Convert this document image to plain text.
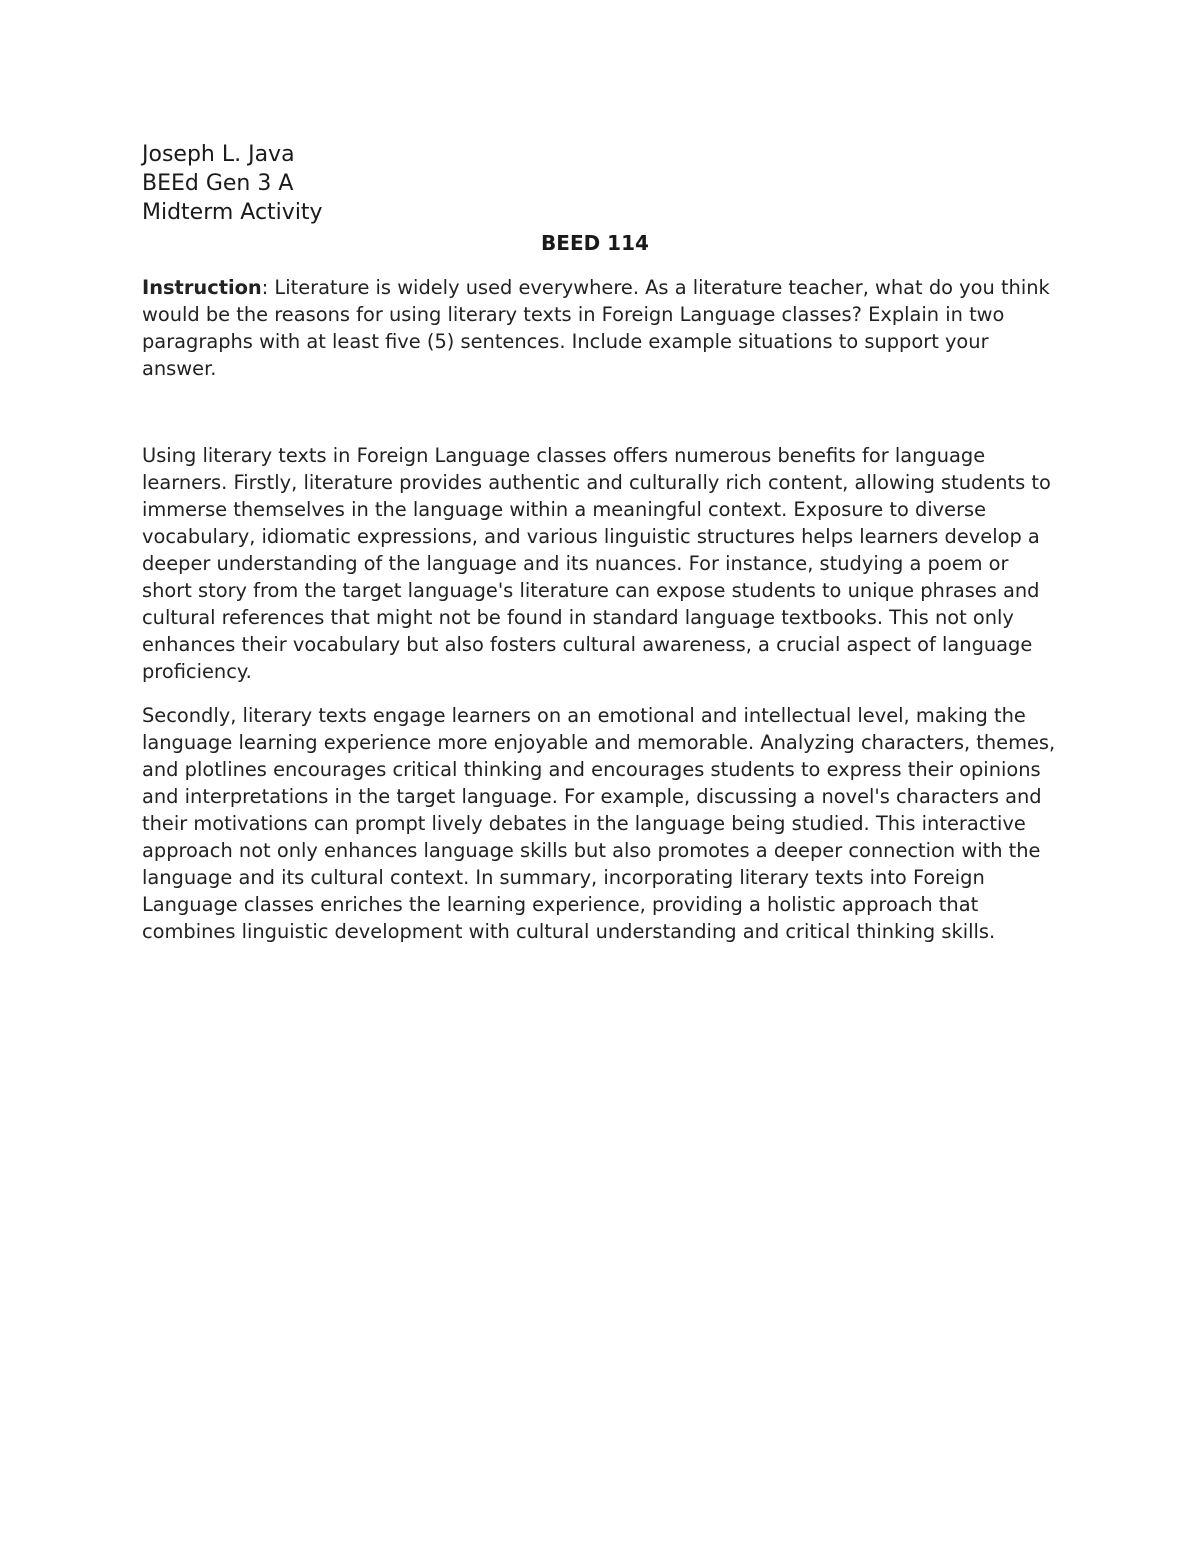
Joseph L. Java
BEEd Gen 3 A
Midterm Activity
BEED 114
Instruction: Literature is widely used everywhere. As a literature teacher, what do you think would be the reasons for using literary texts in Foreign Language classes? Explain in two paragraphs with at least five (5) sentences. Include example situations to support your answer.

Using literary texts in Foreign Language classes offers numerous benefits for language learners. Firstly, literature provides authentic and culturally rich content, allowing students to immerse themselves in the language within a meaningful context. Exposure to diverse vocabulary, idiomatic expressions, and various linguistic structures helps learners develop a deeper understanding of the language and its nuances. For instance, studying a poem or short story from the target language's literature can expose students to unique phrases and cultural references that might not be found in standard language textbooks. This not only enhances their vocabulary but also fosters cultural awareness, a crucial aspect of language proficiency.

Secondly, literary texts engage learners on an emotional and intellectual level, making the language learning experience more enjoyable and memorable. Analyzing characters, themes, and plotlines encourages critical thinking and encourages students to express their opinions and interpretations in the target language. For example, discussing a novel's characters and their motivations can prompt lively debates in the language being studied. This interactive approach not only enhances language skills but also promotes a deeper connection with the language and its cultural context. In summary, incorporating literary texts into Foreign Language classes enriches the learning experience, providing a holistic approach that combines linguistic development with cultural understanding and critical thinking skills.
